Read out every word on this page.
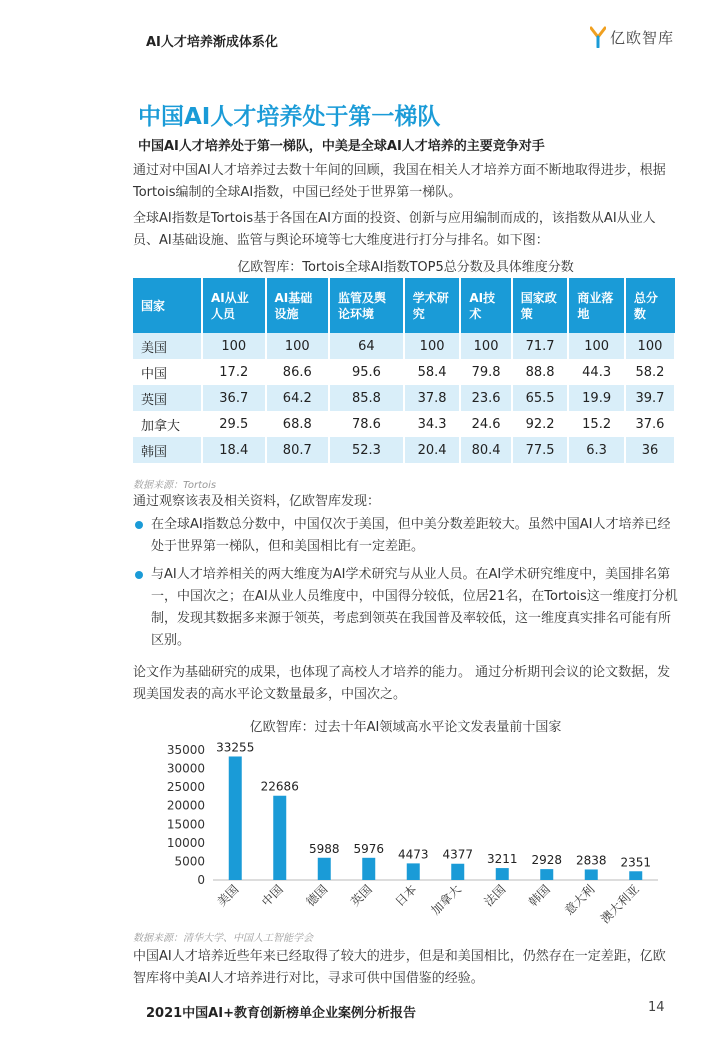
AI人才培养渐成体系化	亿欧智库
中国AI人才培养处于第一梯队
中国AI人才培养处于第一梯队，中美是全球AI人才培养的主要竞争对手
通过对中国AI人才培养过去数十年间的回顾，我国在相关人才培养方面不断地取得进步，根据Tortois编制的全球AI指数，中国已经处于世界第一梯队。
全球AI指数是Tortois基于各国在AI方面的投资、创新与应用编制而成的，该指数从AI从业人员、AI基础设施、监管与舆论环境等七大维度进行打分与排名。如下图：
亿欧智库：Tortois全球AI指数TOP5总分数及具体维度分数
国家	AI从业人员	AI基础设施	监管及舆论环境	学术研究	AI技术	国家政策	商业落地	总分数
美国	100	100	64	100	100	71.7	100	100
中国	17.2	86.6	95.6	58.4	79.8	88.8	44.3	58.2
英国	36.7	64.2	85.8	37.8	23.6	65.5	19.9	39.7
加拿大	29.5	68.8	78.6	34.3	24.6	92.2	15.2	37.6
韩国	18.4	80.7	52.3	20.4	80.4	77.5	6.3	36
数据来源：Tortois
通过观察该表及相关资料，亿欧智库发现：
在全球AI指数总分数中，中国仅次于美国，但中美分数差距较大。虽然中国AI人才培养已经处于世界第一梯队，但和美国相比有一定差距。
与AI人才培养相关的两大维度为AI学术研究与从业人员。在AI学术研究维度中，美国排名第一，中国次之；在AI从业人员维度中，中国得分较低，位居21名，在Tortois这一维度打分机制，发现其数据多来源于领英，考虑到领英在我国普及率较低，这一维度真实排名可能有所区别。
论文作为基础研究的成果，也体现了高校人才培养的能力。 通过分析期刊会议的论文数据，发现美国发表的高水平论文数量最多，中国次之。
亿欧智库：过去十年AI领域高水平论文发表量前十国家
0
5000
10000
15000
20000
25000
30000
35000 33255
美国
22686
中国
5988
德国
5976
英国
4473
日本
4377
加拿大
3211
法国
2928
韩国
2838
意大利
2351
澳大利亚
数据来源：清华大学、中国人工智能学会
中国AI人才培养近些年来已经取得了较大的进步，但是和美国相比，仍然存在一定差距，亿欧智库将中美AI人才培养进行对比，寻求可供中国借鉴的经验。
2021中国AI+教育创新榜单企业案例分析报告	14
